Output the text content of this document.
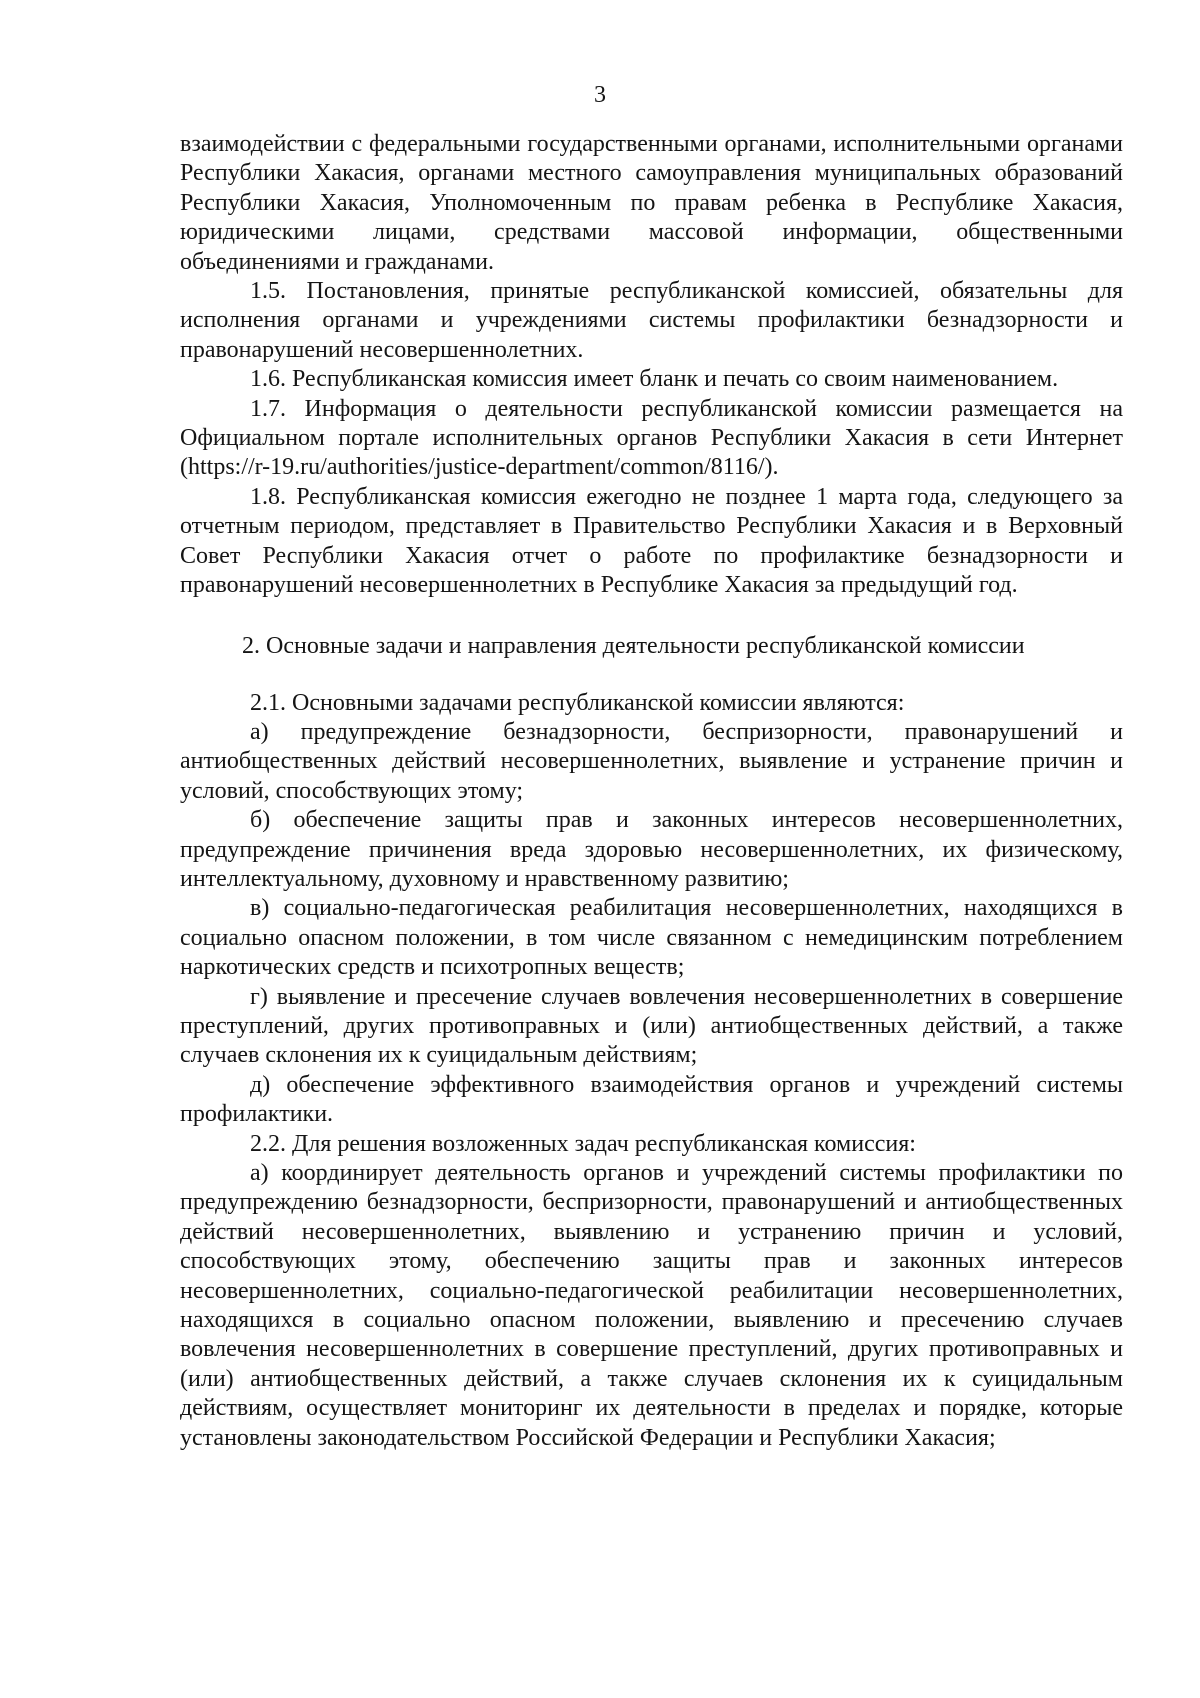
3

взаимодействии с федеральными государственными органами, исполнительными органами Республики Хакасия, органами местного самоуправления муниципальных образований Республики Хакасия, Уполномоченным по правам ребенка в Республике Хакасия, юридическими лицами, средствами массовой информации, общественными объединениями и гражданами.

1.5. Постановления, принятые республиканской комиссией, обязательны для исполнения органами и учреждениями системы профилактики безнадзорности и правонарушений несовершеннолетних.

1.6. Республиканская комиссия имеет бланк и печать со своим наименованием.

1.7. Информация о деятельности республиканской комиссии размещается на Официальном портале исполнительных органов Республики Хакасия в сети Интернет (https://r-19.ru/authorities/justice-department/common/8116/).

1.8. Республиканская комиссия ежегодно не позднее 1 марта года, следующего за отчетным периодом, представляет в Правительство Республики Хакасия и в Верховный Совет Республики Хакасия отчет о работе по профилактике безнадзорности и правонарушений несовершеннолетних в Республике Хакасия за предыдущий год.

2. Основные задачи и направления деятельности республиканской комиссии

2.1. Основными задачами республиканской комиссии являются:

а) предупреждение безнадзорности, беспризорности, правонарушений и антиобщественных действий несовершеннолетних, выявление и устранение причин и условий, способствующих этому;

б) обеспечение защиты прав и законных интересов несовершеннолетних, предупреждение причинения вреда здоровью несовершеннолетних, их физическому, интеллектуальному, духовному и нравственному развитию;

в) социально-педагогическая реабилитация несовершеннолетних, находящихся в социально опасном положении, в том числе связанном с немедицинским потреблением наркотических средств и психотропных веществ;

г) выявление и пресечение случаев вовлечения несовершеннолетних в совершение преступлений, других противоправных и (или) антиобщественных действий, а также случаев склонения их к суицидальным действиям;

д) обеспечение эффективного взаимодействия органов и учреждений системы профилактики.

2.2. Для решения возложенных задач республиканская комиссия:

а) координирует деятельность органов и учреждений системы профилактики по предупреждению безнадзорности, беспризорности, правонарушений и антиобщественных действий несовершеннолетних, выявлению и устранению причин и условий, способствующих этому, обеспечению защиты прав и законных интересов несовершеннолетних, социально-педагогической реабилитации несовершеннолетних, находящихся в социально опасном положении, выявлению и пресечению случаев вовлечения несовершеннолетних в совершение преступлений, других противоправных и (или) антиобщественных действий, а также случаев склонения их к суицидальным действиям, осуществляет мониторинг их деятельности в пределах и порядке, которые установлены законодательством Российской Федерации и Республики Хакасия;
